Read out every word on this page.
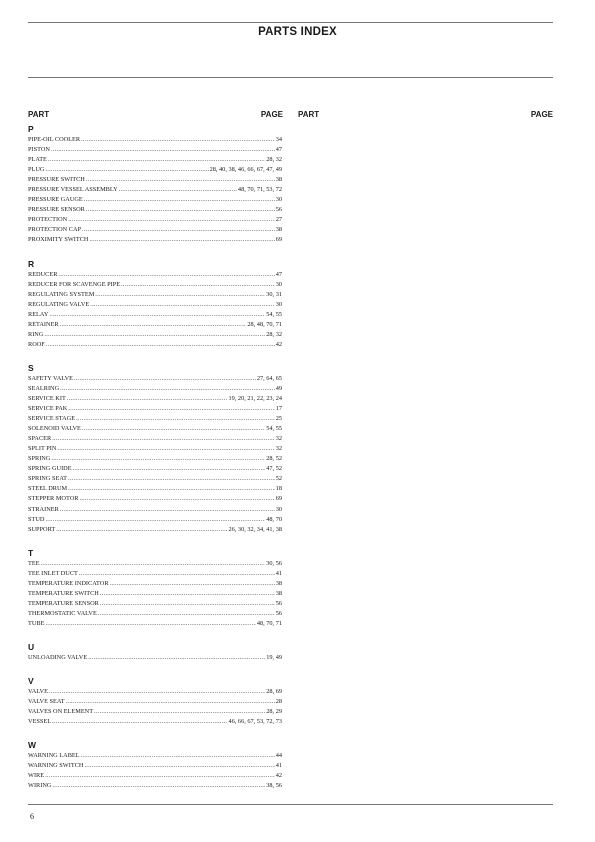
PARTS INDEX
PART	PAGE PART	PAGE
P
PIPE-OIL COOLER .....	34
PISTON .....	47
PLATE .....	28, 32
PLUG .....	28, 40, 38, 46, 66, 67, 47, 49
PRESSURE SWITCH .....	38
PRESSURE VESSEL ASSEMBLY .....	48, 70, 71, 53, 72
PRESSURE GAUGE .....	30
PRESSURE SENSOR .....	56
PROTECTION .....	27
PROTECTION CAP .....	38
PROXIMITY SWITCH .....	69
R
REDUCER .....	47
REDUCER FOR SCAVENGE PIPE .....	30
REGULATING SYSTEM .....	30, 31
REGULATING VALVE .....	30
RELAY .....	54, 55
RETAINER .....	28, 48, 70, 71
RING .....	28, 32
ROOF .....	42
S
SAFETY VALVE .....	27, 64, 65
SEALRING .....	49
SERVICE KIT .....	19, 20, 21, 22, 23, 24
SERVICE PAK .....	17
SERVICE STAGE .....	25
SOLENOID VALVE .....	54, 55
SPACER .....	32
SPLIT PIN .....	32
SPRING .....	28, 52
SPRING GUIDE .....	47, 52
SPRING SEAT .....	52
STEEL DRUM .....	18
STEPPER MOTOR .....	69
STRAINER .....	30
STUD .....	48, 70
SUPPORT .....	26, 30, 32, 34, 41, 38
T
TEE .....	30, 56
TEE INLET DUCT .....	41
TEMPERATURE INDICATOR .....	38
TEMPERATURE SWITCH .....	38
TEMPERATURE SENSOR .....	56
THERMOSTATIC VALVE .....	56
TUBE .....	48, 70, 71
U
UNLOADING VALVE .....	19, 49
V
VALVE .....	28, 69
VALVE SEAT .....	28
VALVES ON ELEMENT .....	28, 29
VESSEL .....	46, 66, 67, 53, 72, 73
W
WARNING LABEL .....	44
WARNING SWITCH .....	41
WIRE .....	42
WIRING .....	38, 56
6
